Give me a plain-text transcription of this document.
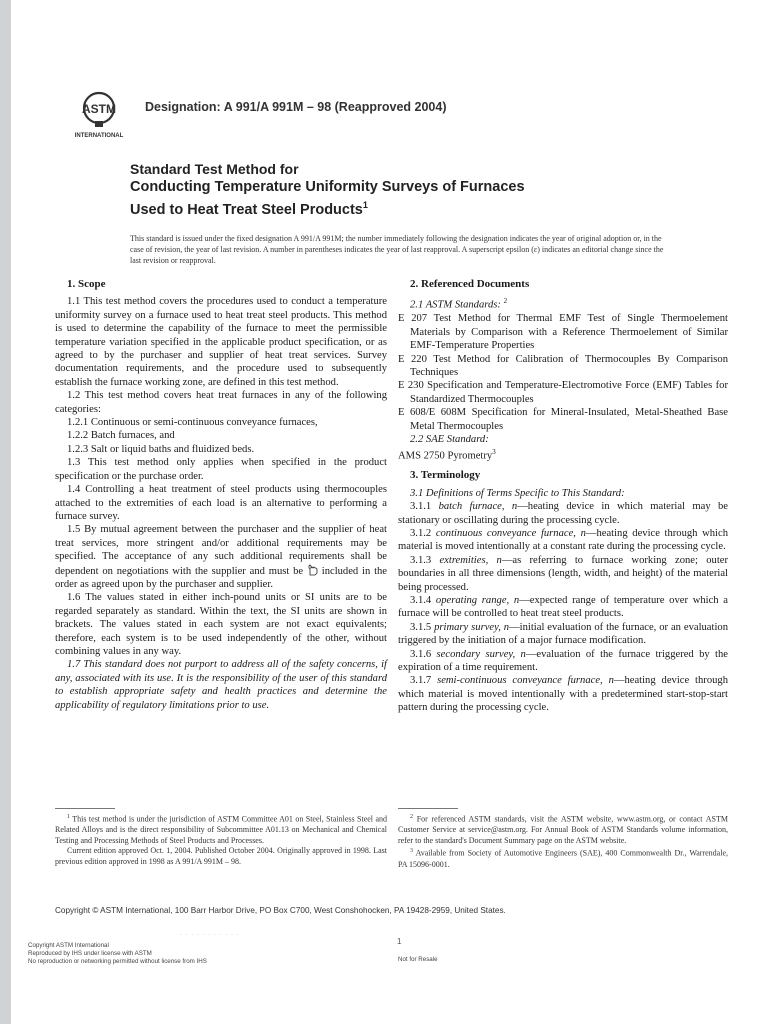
ASTM
INTERNATIONAL
Designation: A 991/A 991M – 98 (Reapproved 2004)
Standard Test Method for
Conducting Temperature Uniformity Surveys of Furnaces
Used to Heat Treat Steel Products$^1$
This standard is issued under the fixed designation A 991/A 991M; the number immediately following the designation indicates the year of original adoption or, in the case of revision, the year of last revision. A number in parentheses indicates the year of last reapproval. A superscript epsilon (ε) indicates an editorial change since the last revision or reapproval.
1. Scope

1.1 This test method covers the procedures used to conduct a temperature uniformity survey on a furnace used to heat treat steel products. This method is used to determine the capability of the furnace to meet the permissible temperature variation specified in the applicable product specification, or as agreed to by the purchaser and supplier of heat treat services. Survey documentation requirements, and the procedure used to subsequently establish the furnace working zone, are defined in this test method.

1.2 This test method covers heat treat furnaces in any of the following categories:

1.2.1 Continuous or semi-continuous conveyance furnaces,

1.2.2 Batch furnaces, and

1.2.3 Salt or liquid baths and fluidized beds.

1.3 This test method only applies when specified in the product specification or the purchase order.

1.4 Controlling a heat treatment of steel products using thermocouples attached to the extremities of each load is an alternative to performing a furnace survey.

1.5 By mutual agreement between the purchaser and the supplier of heat treat services, more stringent and/or additional requirements may be specified. The acceptance of any such additional requirements shall be dependent on negotiations with the supplier and must be included in the order as agreed upon by the purchaser and supplier.

1.6 The values stated in either inch-pound units or SI units are to be regarded separately as standard. Within the text, the SI units are shown in brackets. The values stated in each system are not exact equivalents; therefore, each system is to be used independently of the other, without combining values in any way.

1.7 This standard does not purport to address all of the safety concerns, if any, associated with its use. It is the responsibility of the user of this standard to establish appropriate safety and health practices and determine the applicability of regulatory limitations prior to use.

2. Referenced Documents

2.1 ASTM Standards: $^2$

E 207 Test Method for Thermal EMF Test of Single Thermoelement Materials by Comparison with a Reference Thermoelement of Similar EMF-Temperature Properties
E 220 Test Method for Calibration of Thermocouples By Comparison Techniques
E 230 Specification and Temperature-Electromotive Force (EMF) Tables for Standardized Thermocouples
E 608/E 608M Specification for Mineral-Insulated, Metal-Sheathed Base Metal Thermocouples

2.2 SAE Standard:

AMS 2750 Pyrometry$^3$
3. Terminology

3.1 Definitions of Terms Specific to This Standard:

3.1.1 batch furnace, n—heating device in which material may be stationary or oscillating during the processing cycle.

3.1.2 continuous conveyance furnace, n—heating device through which material is moved intentionally at a constant rate during the processing cycle.

3.1.3 extremities, n—as referring to furnace working zone; outer boundaries in all three dimensions (length, width, and height) of the material being processed.

3.1.4 operating range, n—expected range of temperature over which a furnace will be controlled to heat treat steel products.

3.1.5 primary survey, n—initial evaluation of the furnace, or an evaluation triggered by the initiation of a major furnace modification.

3.1.6 secondary survey, n—evaluation of the furnace triggered by the expiration of a time requirement.

3.1.7 semi-continuous conveyance furnace, n—heating device through which material is moved intentionally with a predetermined start-stop-start pattern during the processing cycle.

$^1$ This test method is under the jurisdiction of ASTM Committee A01 on Steel, Stainless Steel and Related Alloys and is the direct responsibility of Subcommittee A01.13 on Mechanical and Chemical Testing and Processing Methods of Steel Products and Processes.

Current edition approved Oct. 1, 2004. Published October 2004. Originally approved in 1998. Last previous edition approved in 1998 as A 991/A 991M – 98.

$^2$ For referenced ASTM standards, visit the ASTM website, www.astm.org, or contact ASTM Customer Service at service@astm.org. For Annual Book of ASTM Standards volume information, refer to the standard's Document Summary page on the ASTM website.

$^3$ Available from Society of Automotive Engineers (SAE), 400 Commonwealth Dr., Warrendale, PA 15096-0001.

Copyright © ASTM International, 100 Barr Harbor Drive, PO Box C700, West Conshohocken, PA 19428-2959, United States.
· · · · · · · · · · ·
1
Copyright ASTM International
Reproduced by IHS under license with ASTM
No reproduction or networking permitted without license from IHS	Not for Resale
